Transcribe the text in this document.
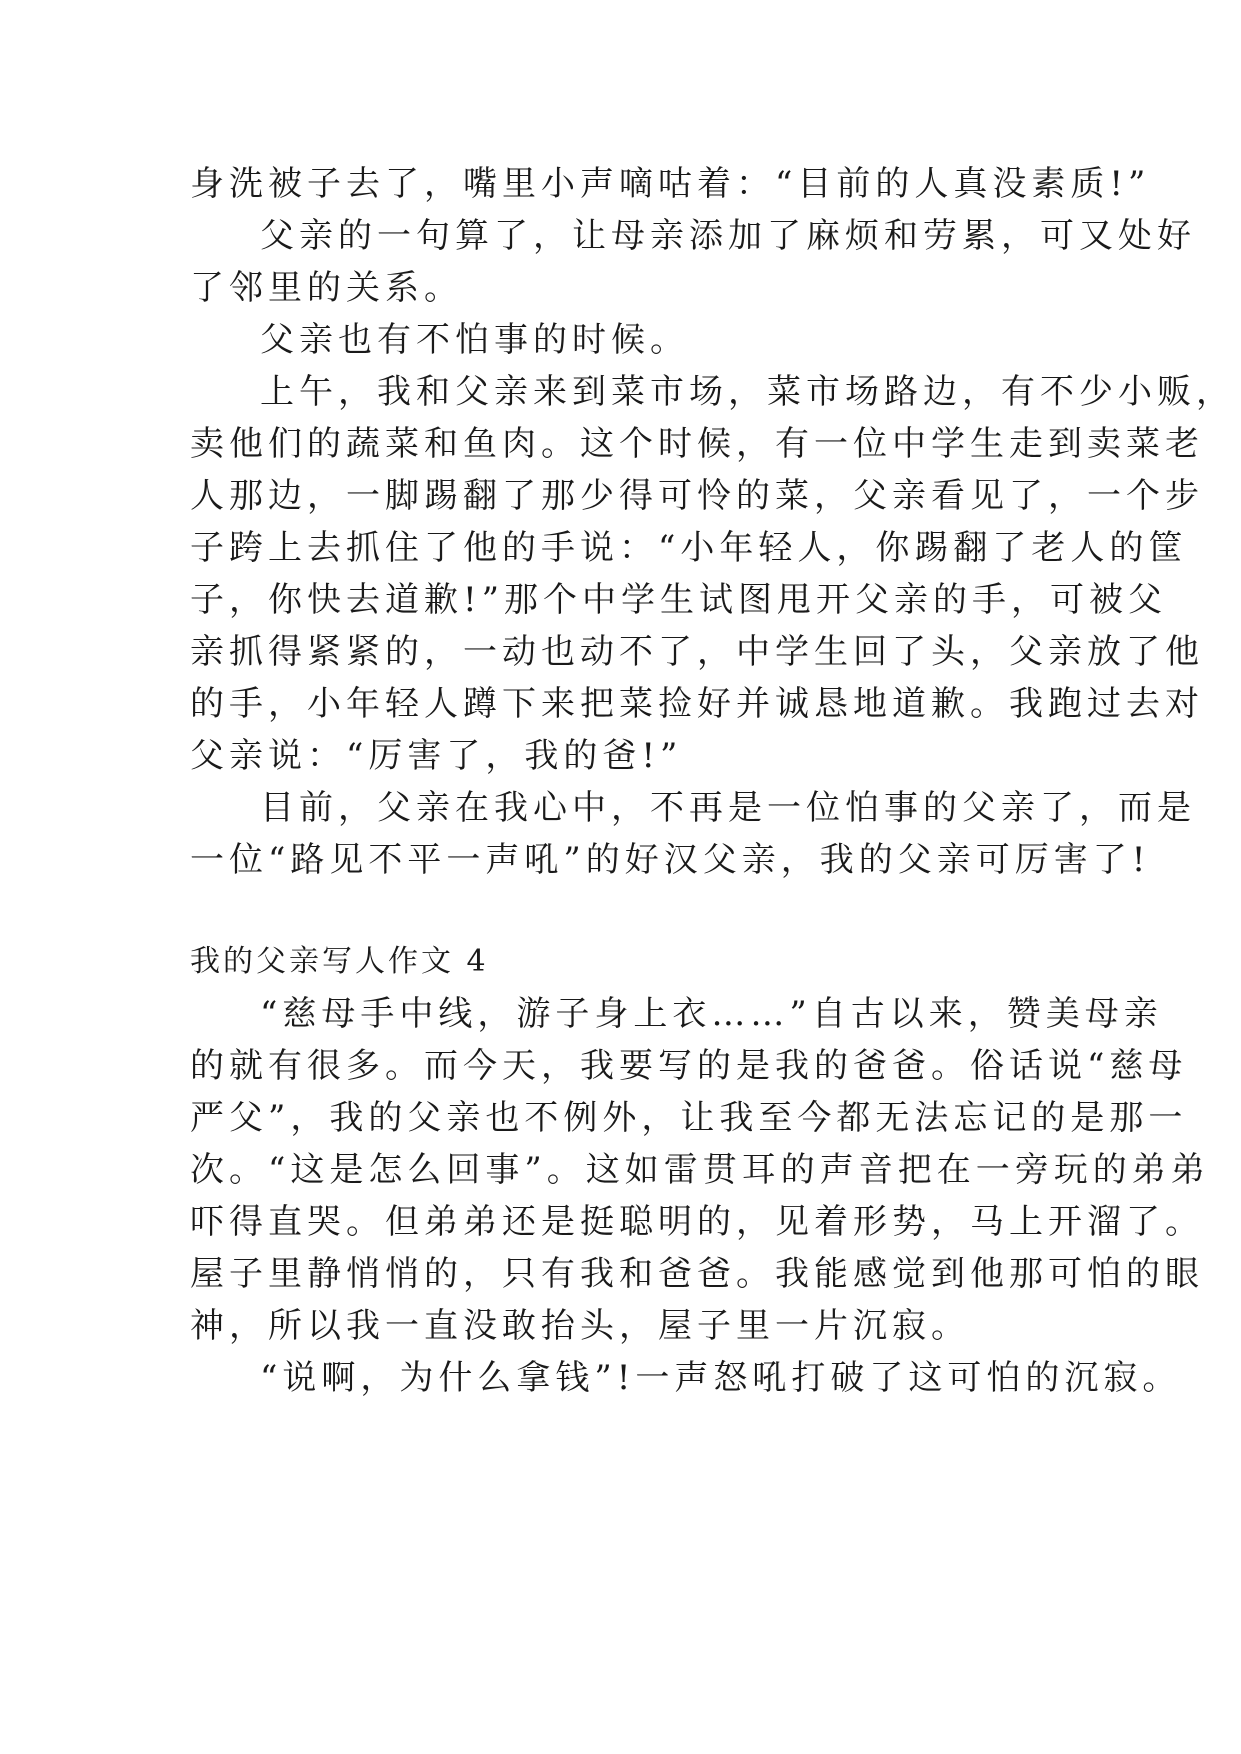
身洗被子去了，嘴里小声嘀咕着：“目前的人真没素质!”
父亲的一句算了，让母亲添加了麻烦和劳累，可又处好
了邻里的关系。
父亲也有不怕事的时候。
上午，我和父亲来到菜市场，菜市场路边，有不少小贩，
卖他们的蔬菜和鱼肉。这个时候，有一位中学生走到卖菜老
人那边，一脚踢翻了那少得可怜的菜，父亲看见了，一个步
子跨上去抓住了他的手说：“小年轻人，你踢翻了老人的筐
子，你快去道歉!”那个中学生试图甩开父亲的手，可被父
亲抓得紧紧的，一动也动不了，中学生回了头，父亲放了他
的手，小年轻人蹲下来把菜捡好并诚恳地道歉。我跑过去对
父亲说：“厉害了，我的爸!”
目前，父亲在我心中，不再是一位怕事的父亲了，而是
一位“路见不平一声吼”的好汉父亲，我的父亲可厉害了!
我的父亲写人作文 4
“慈母手中线，游子身上衣……”自古以来，赞美母亲
的就有很多。而今天，我要写的是我的爸爸。俗话说“慈母
严父”，我的父亲也不例外，让我至今都无法忘记的是那一
次。“这是怎么回事”。这如雷贯耳的声音把在一旁玩的弟弟
吓得直哭。但弟弟还是挺聪明的，见着形势，马上开溜了。
屋子里静悄悄的，只有我和爸爸。我能感觉到他那可怕的眼
神，所以我一直没敢抬头，屋子里一片沉寂。
“说啊，为什么拿钱”!一声怒吼打破了这可怕的沉寂。
